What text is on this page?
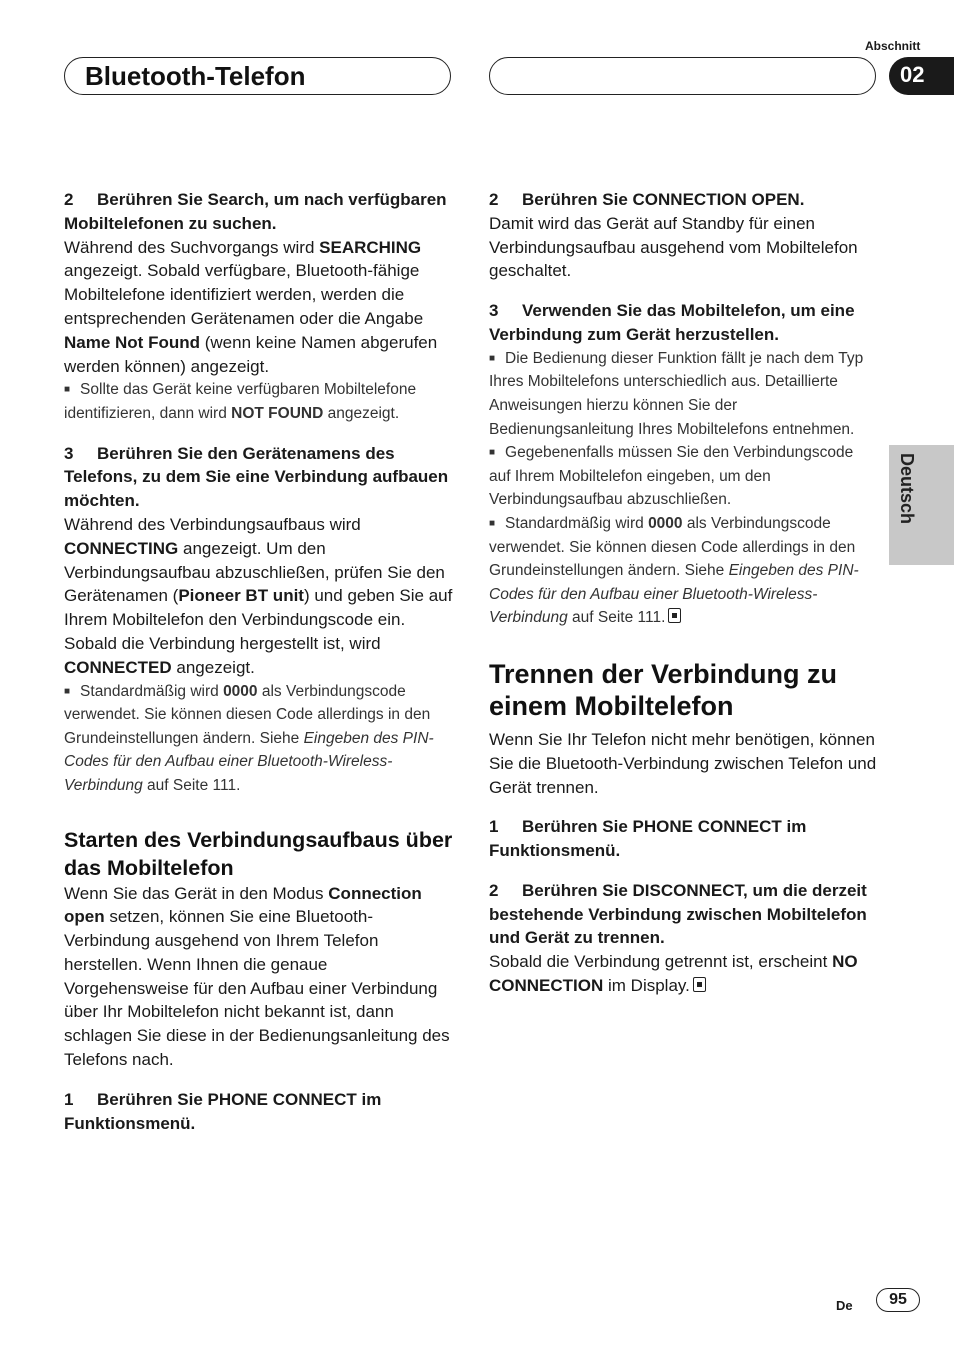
Bluetooth-Telefon
Abschnitt
02
Deutsch

2 Berühren Sie Search, um nach verfügbaren Mobiltelefonen zu suchen.

Während des Suchvorgangs wird SEARCHING angezeigt. Sobald verfügbare, Bluetooth-fähige Mobiltelefone identifiziert werden, werden die entsprechenden Gerätenamen oder die Angabe Name Not Found (wenn keine Namen abgerufen werden können) angezeigt.

■ Sollte das Gerät keine verfügbaren Mobiltelefone identifizieren, dann wird NOT FOUND angezeigt.

3 Berühren Sie den Gerätenamens des Telefons, zu dem Sie eine Verbindung aufbauen möchten.

Während des Verbindungsaufbaus wird CONNECTING angezeigt. Um den Verbindungsaufbau abzuschließen, prüfen Sie den Gerätenamen (Pioneer BT unit) und geben Sie auf Ihrem Mobiltelefon den Verbindungscode ein. Sobald die Verbindung hergestellt ist, wird CONNECTED angezeigt.

■ Standardmäßig wird 0000 als Verbindungscode verwendet. Sie können diesen Code allerdings in den Grundeinstellungen ändern. Siehe Eingeben des PIN-Codes für den Aufbau einer Bluetooth-Wireless-Verbindung auf Seite 111.

Starten des Verbindungsaufbaus über das Mobiltelefon

Wenn Sie das Gerät in den Modus Connection open setzen, können Sie eine Bluetooth-Verbindung ausgehend von Ihrem Telefon herstellen. Wenn Ihnen die genaue Vorgehensweise für den Aufbau einer Verbindung über Ihr Mobiltelefon nicht bekannt ist, dann schlagen Sie diese in der Bedienungsanleitung des Telefons nach.

1 Berühren Sie PHONE CONNECT im Funktionsmenü.

2 Berühren Sie CONNECTION OPEN.

Damit wird das Gerät auf Standby für einen Verbindungsaufbau ausgehend vom Mobiltelefon geschaltet.

3 Verwenden Sie das Mobiltelefon, um eine Verbindung zum Gerät herzustellen.

■ Die Bedienung dieser Funktion fällt je nach dem Typ Ihres Mobiltelefons unterschiedlich aus. Detaillierte Anweisungen hierzu können Sie der Bedienungsanleitung Ihres Mobiltelefons entnehmen.

■ Gegebenenfalls müssen Sie den Verbindungscode auf Ihrem Mobiltelefon eingeben, um den Verbindungsaufbau abzuschließen.

■ Standardmäßig wird 0000 als Verbindungscode verwendet. Sie können diesen Code allerdings in den Grundeinstellungen ändern. Siehe Eingeben des PIN-Codes für den Aufbau einer Bluetooth-Wireless-Verbindung auf Seite 111.

Trennen der Verbindung zu einem Mobiltelefon

Wenn Sie Ihr Telefon nicht mehr benötigen, können Sie die Bluetooth-Verbindung zwischen Telefon und Gerät trennen.

1 Berühren Sie PHONE CONNECT im Funktionsmenü.

2 Berühren Sie DISCONNECT, um die derzeit bestehende Verbindung zwischen Mobiltelefon und Gerät zu trennen.

Sobald die Verbindung getrennt ist, erscheint NO CONNECTION im Display.

De	95
